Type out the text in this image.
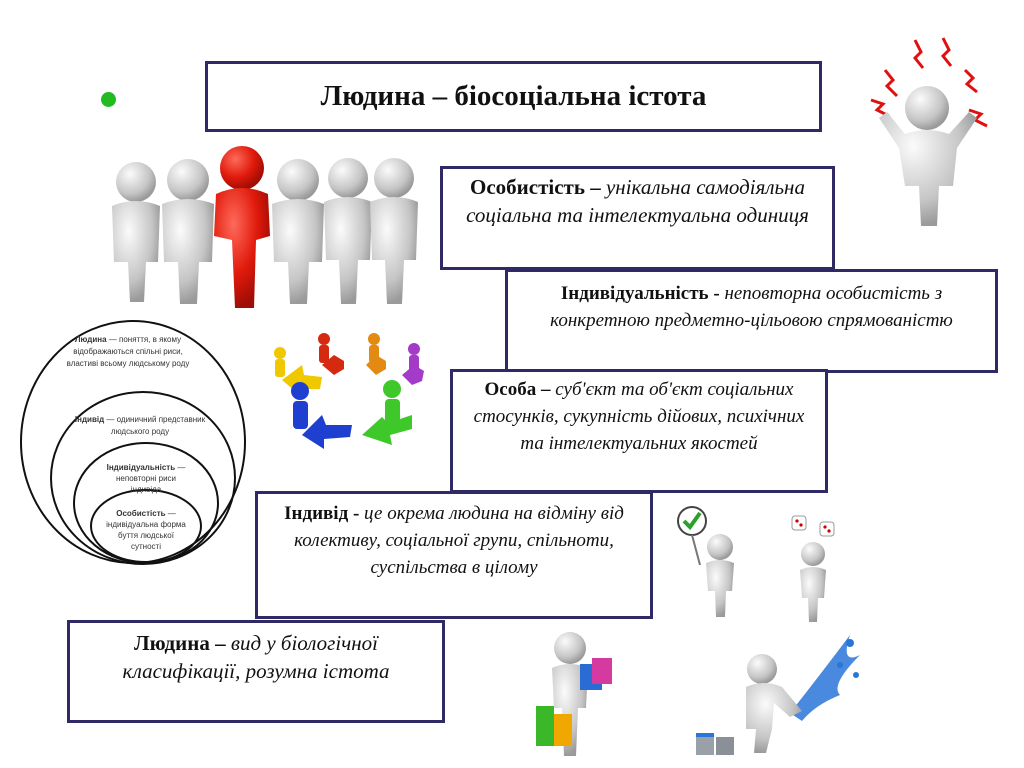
Людина – біосоціальна істота
Людина — поняття, в якому
відображаються спільні риси,
властиві всьому людському роду
Індивід — одиничний представник
людського роду
Індивідуальність —
неповторні риси
індивіда
Особистість —
індивідуальна форма
буття людської
сутності
Особистість – унікальна самодіяльна соціальна та інтелектуальна одиниця
Індивідуальність - неповторна особистість з конкретною предметно-цільовою спрямованістю
Особа – суб'єкт та об'єкт соціальних стосунків, сукупність дійових, психічних та інтелектуальних якостей
Індивід - це окрема людина на відміну від колективу, соціальної групи, спільноти, суспільства в цілому
Людина – вид у біологічної класифікації, розумна істота
